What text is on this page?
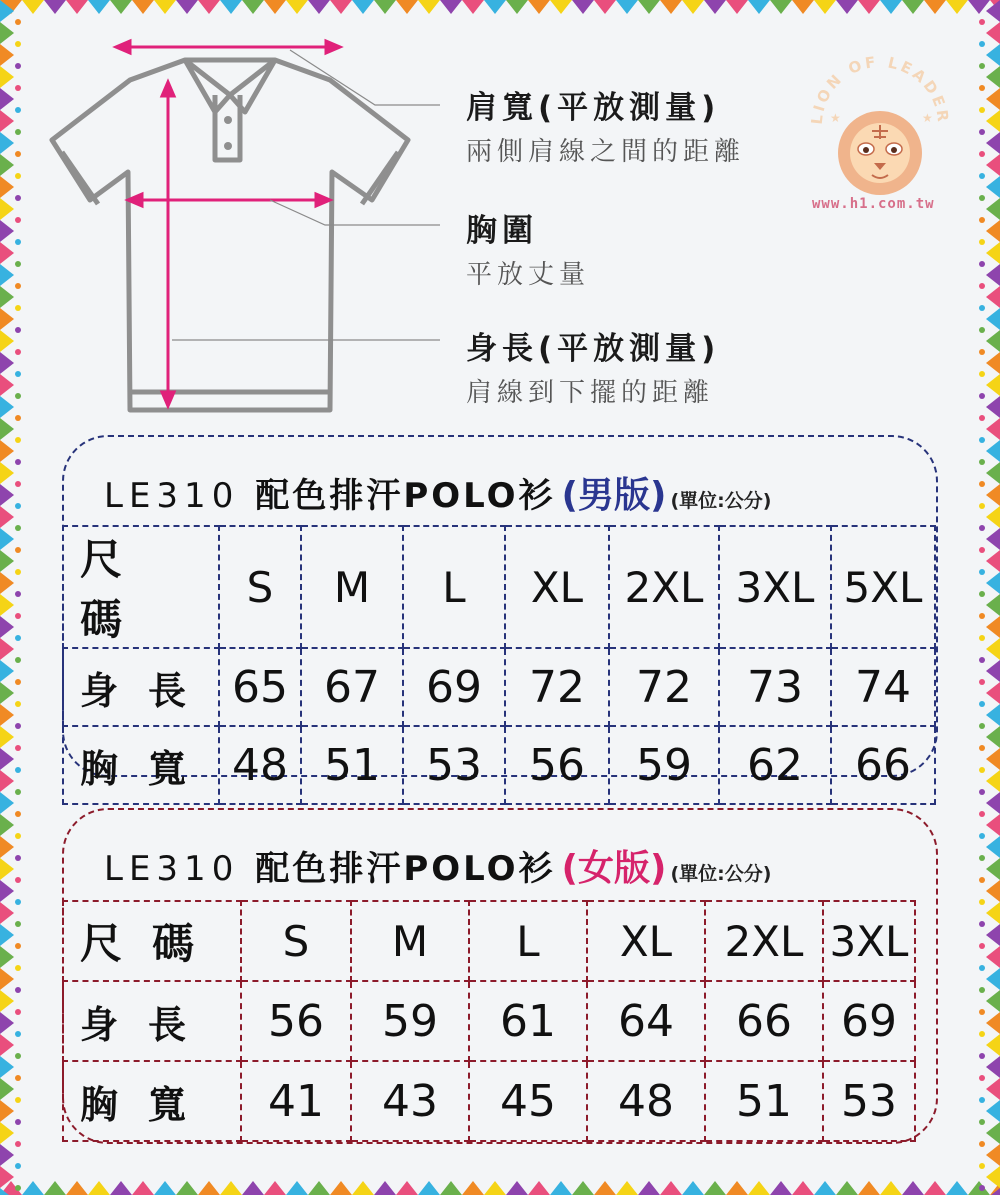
肩寬(平放測量)
兩側肩線之間的距離
胸圍
平放丈量
身長(平放測量)
肩線到下擺的距離
LION OF LEADER
★	★
www.h1.com.tw
LE310 配色排汗POLO衫 (男版) (單位:公分)
尺碼	S	M	L	XL	2XL	3XL	5XL
身長	65	67	69	72	72	73	74
胸寬	48	51	53	56	59	62	66
LE310 配色排汗POLO衫 (女版) (單位:公分)
尺碼	S	M	L	XL	2XL	3XL
身長	56	59	61	64	66	69
胸寬	41	43	45	48	51	53
